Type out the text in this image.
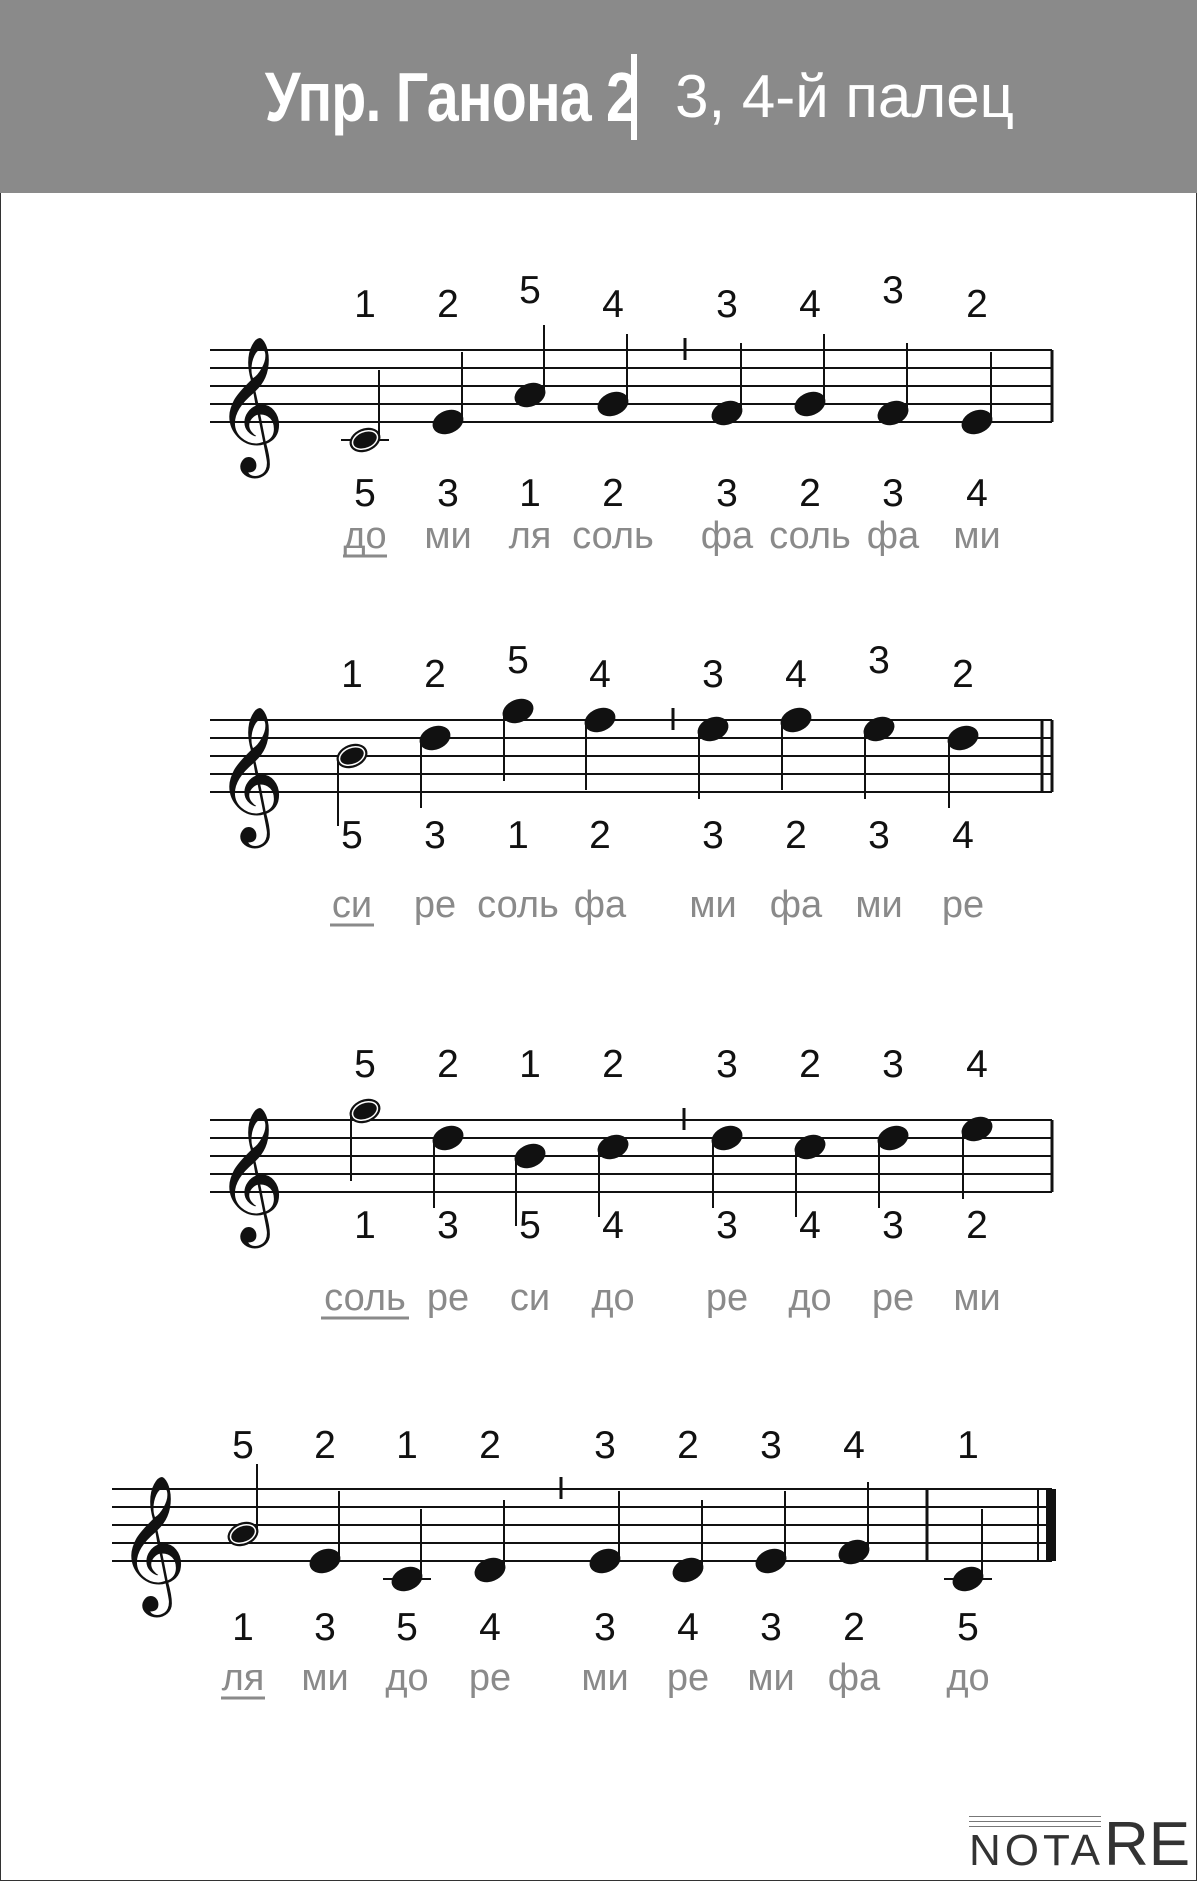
Упр. Ганона 2 3, 4-й палец
𝄞
1 2 5 4 3 4 3 2
5 3 1 2 3 2 3 4
до ми ля соль фа соль фа ми
𝄞
1 2 5 4 3 4 3 2
5 3 1 2 3 2 3 4
си ре соль фа ми фа ми ре
𝄞
5 2 1 2 3 2 3 4
1 3 5 4 3 4 3 2
соль ре си до ре до ре ми
𝄞
5 2 1 2 3 2 3 4 1
1 3 5 4 3 4 3 2 5
ля ми до ре ми ре ми фа до
NOTARE
